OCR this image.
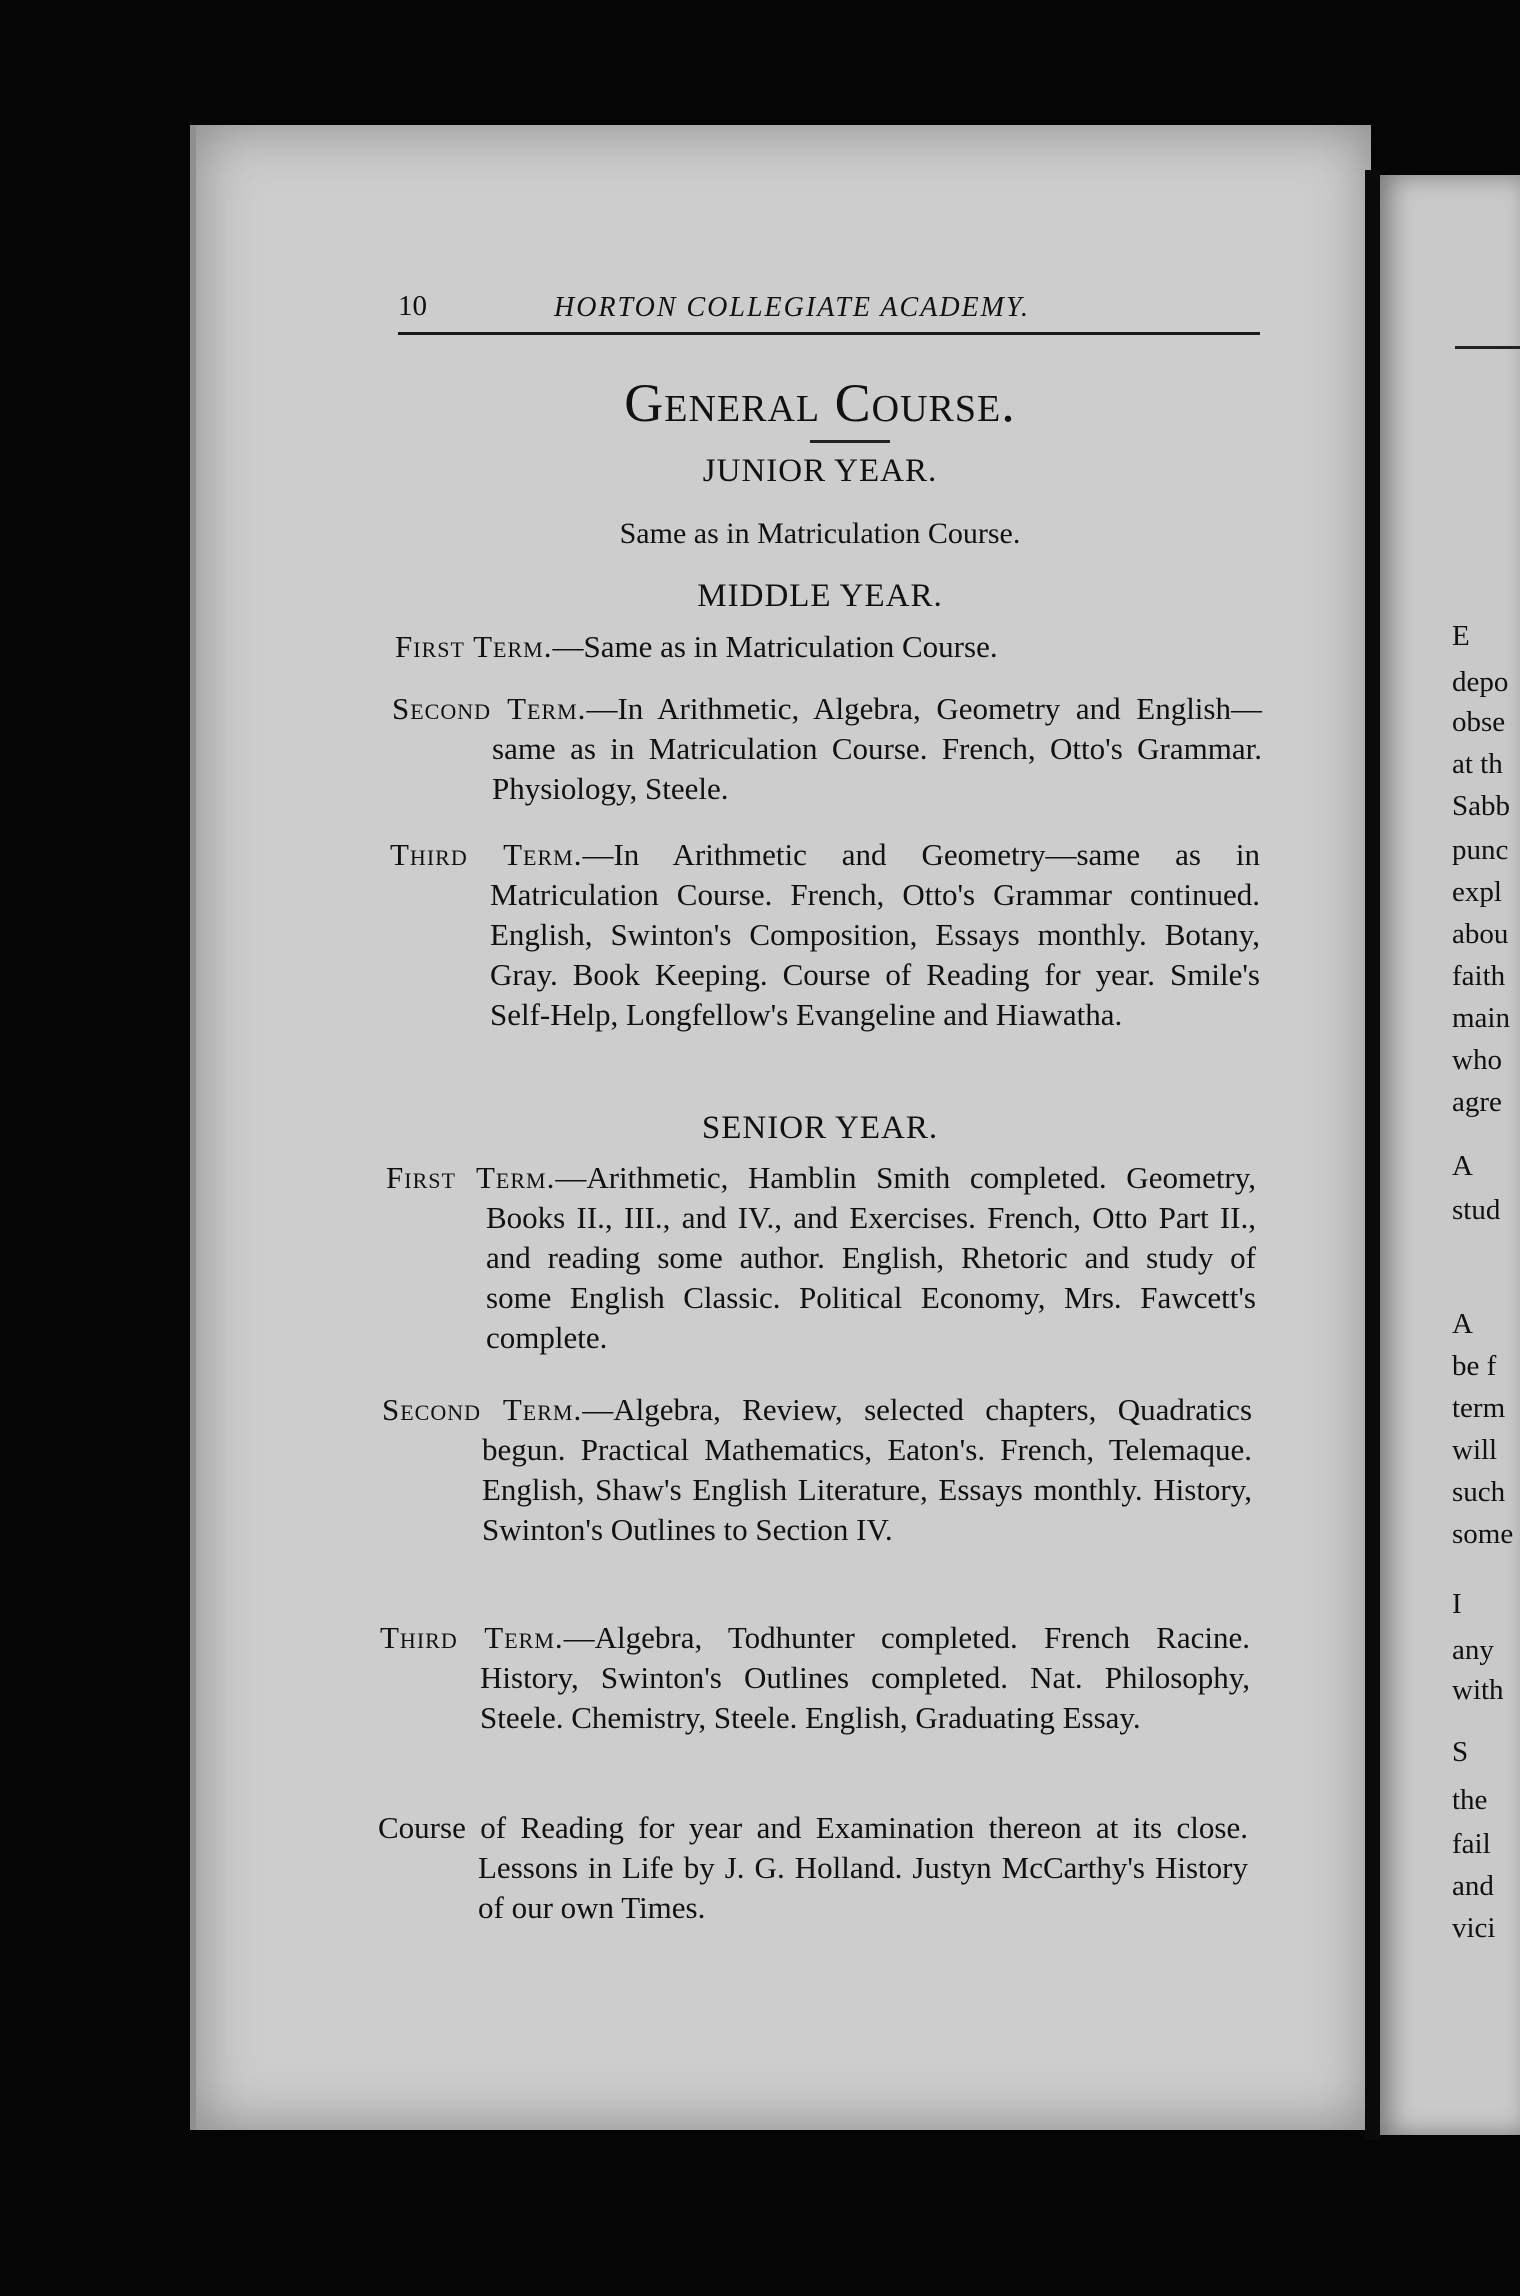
E
depo
obse
at th
Sabb
punc
expl
abou
faith
main
who
agre
A
stud
A
be f
term
will
such
some
I
any
with
S
the
fail
and
vici
10	HORTON COLLEGIATE ACADEMY.
General Course.
JUNIOR YEAR.
Same as in Matriculation Course.
MIDDLE YEAR.
First Term.—Same as in Matriculation Course.
Second Term.—In Arithmetic, Algebra, Geometry and English—same as in Matriculation Course. French, Otto's Grammar. Physiology, Steele.
Third Term.—In Arithmetic and Geometry—same as in Matriculation Course. French, Otto's Grammar continued. English, Swinton's Composition, Essays monthly. Botany, Gray. Book Keeping. Course of Reading for year. Smile's Self-Help, Longfellow's Evangeline and Hiawatha.
SENIOR YEAR.
First Term.—Arithmetic, Hamblin Smith completed. Geometry, Books II., III., and IV., and Exercises. French, Otto Part II., and reading some author. English, Rhetoric and study of some English Classic. Political Economy, Mrs. Fawcett's complete.
Second Term.—Algebra, Review, selected chapters, Quadratics begun. Practical Mathematics, Eaton's. French, Telemaque. English, Shaw's English Literature, Essays monthly. History, Swinton's Outlines to Section IV.
Third Term.—Algebra, Todhunter completed. French Racine. History, Swinton's Outlines completed. Nat. Philosophy, Steele. Chemistry, Steele. English, Graduating Essay.
Course of Reading for year and Examination thereon at its close. Lessons in Life by J. G. Holland. Justyn McCarthy's History of our own Times.
